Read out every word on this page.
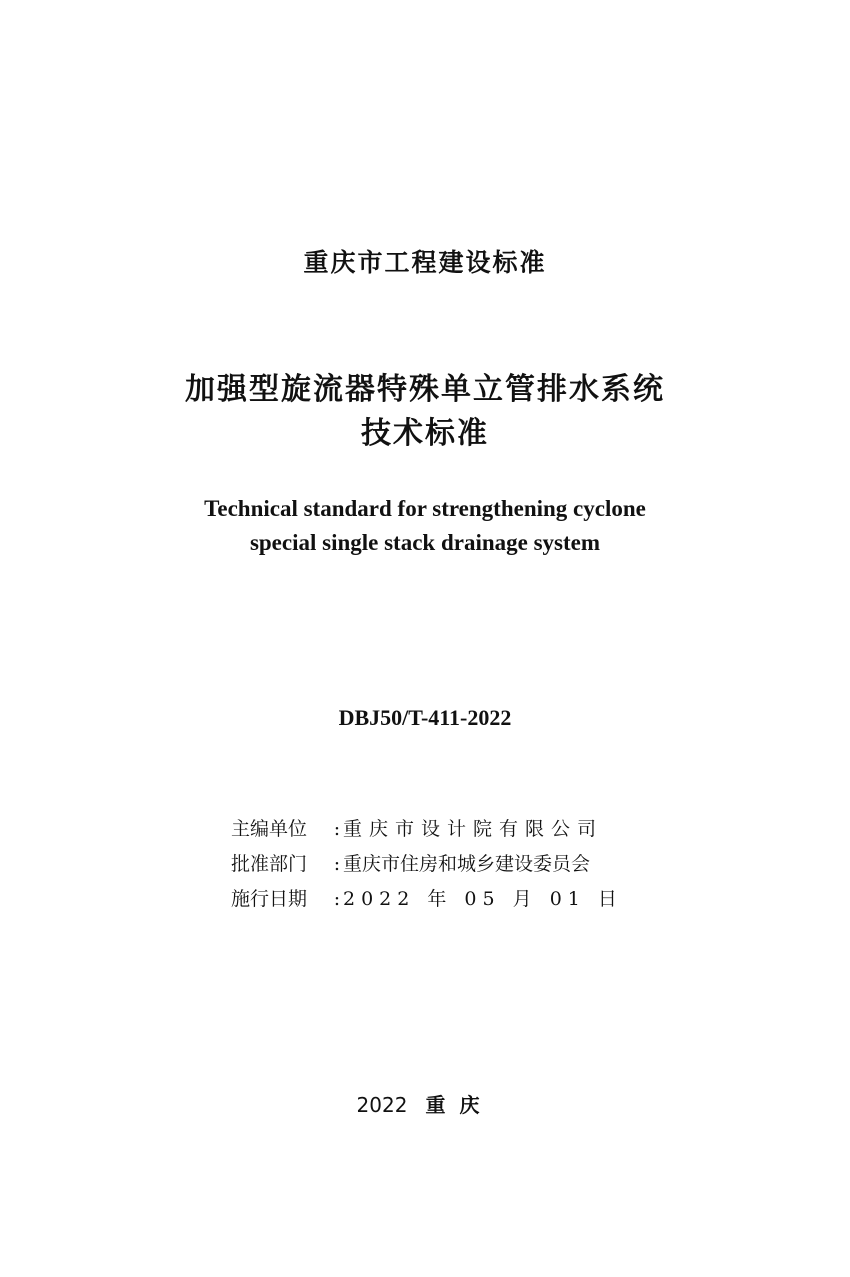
重庆市工程建设标准
加强型旋流器特殊单立管排水系统
技术标准
Technical standard for strengthening cyclone
special single stack drainage system
DBJ50/T-411-2022
主编单位	: 重庆市设计院有限公司
批准部门	: 重庆市住房和城乡建设委员会
施行日期	: 2022 年 05 月 01 日
2022 重庆
